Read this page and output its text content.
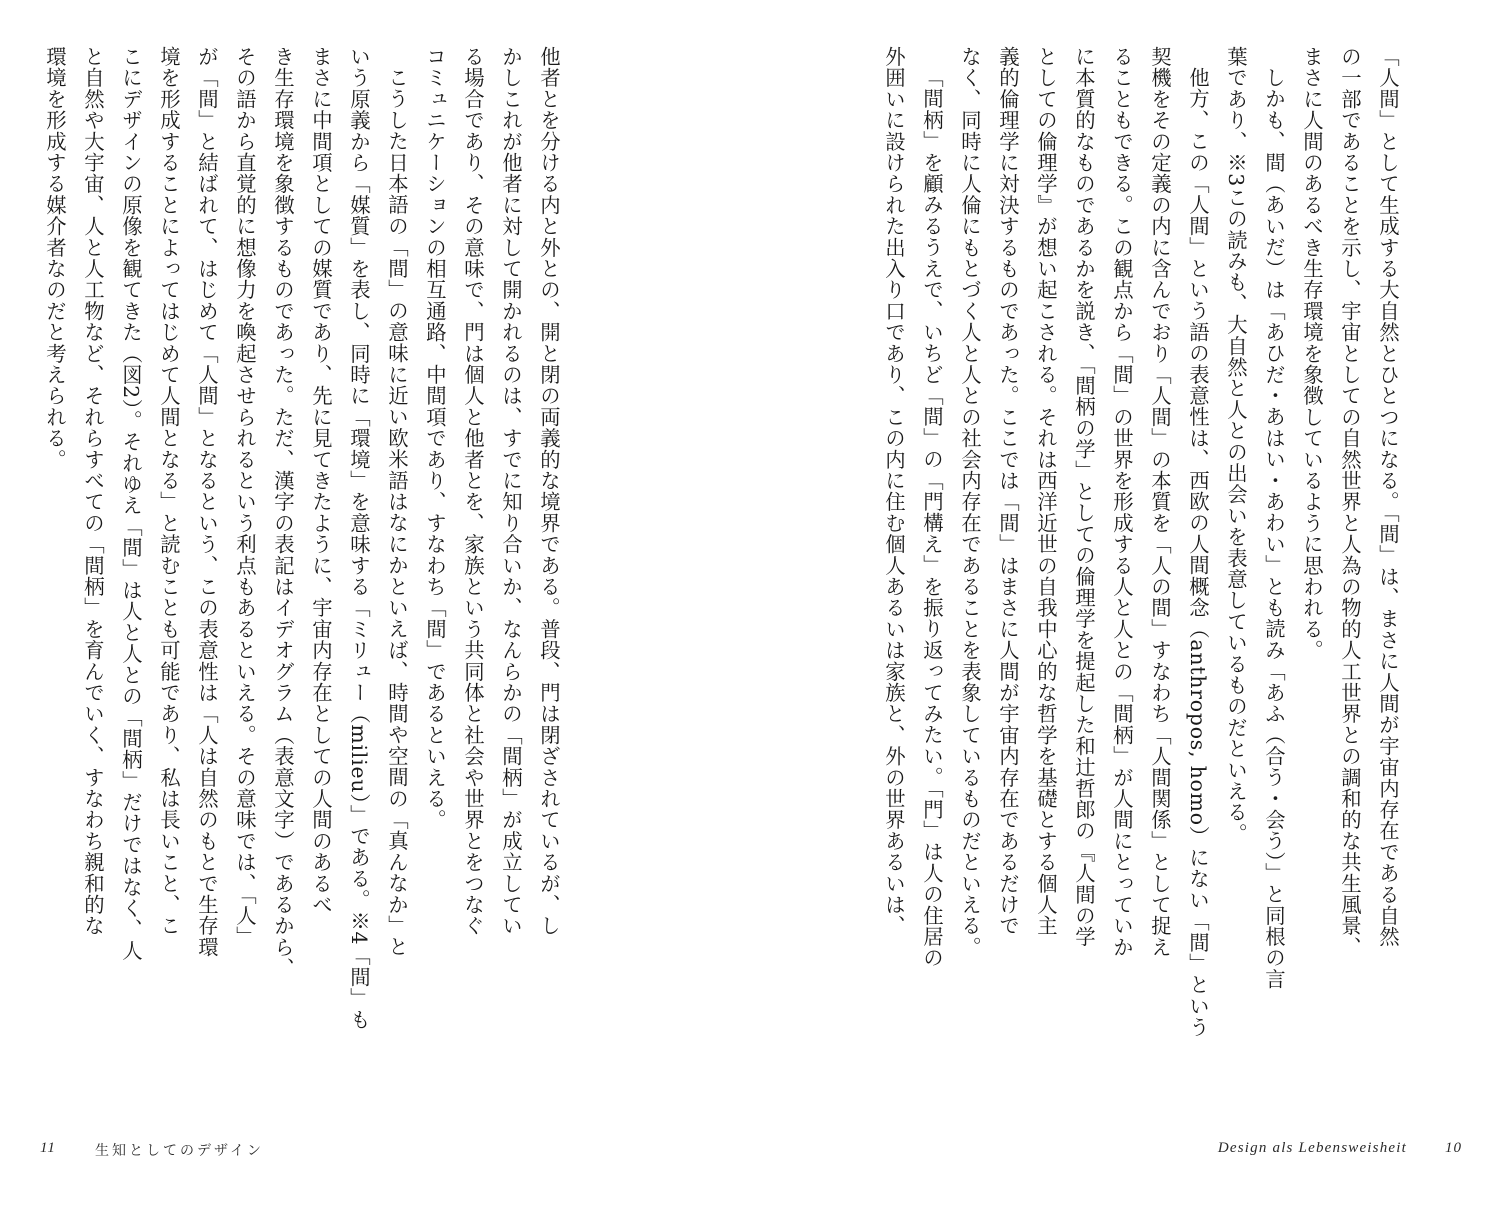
他者とを分ける内と外との、開と閉の両義的な境界である。普段、門は閉ざされているが、し
かしこれが他者に対して開かれるのは、すでに知り合いか、なんらかの「間柄」が成立してい
る場合であり、その意味で、門は個人と他者とを、家族という共同体と社会や世界とをつなぐ
コミュニケーションの相互通路、中間項であり、すなわち「間」であるといえる。
こうした日本語の「間」の意味に近い欧米語はなにかといえば、時間や空間の「真んなか」と
いう原義から「媒質」を表し、同時に「環境」を意味する「ミリュー（milieu）」である。※4「間」も
まさに中間項としての媒質であり、先に見てきたように、宇宙内存在としての人間のあるべ
き生存環境を象徴するものであった。ただ、漢字の表記はイデオグラム（表意文字）であるから、
その語から直覚的に想像力を喚起させられるという利点もあるといえる。その意味では、「人」
が「間」と結ばれて、はじめて「人間」となるという、この表意性は「人は自然のもとで生存環
境を形成することによってはじめて人間となる」と読むことも可能であり、私は長いこと、こ
こにデザインの原像を観てきた（図2）。それゆえ「間」は人と人との「間柄」だけではなく、人
と自然や大宇宙、人と人工物など、それらすべての「間柄」を育んでいく、すなわち親和的な
環境を形成する媒介者なのだと考えられる。
11	生知としてのデザイン
「人間」として生成する大自然とひとつになる。「間」は、まさに人間が宇宙内存在である自然
の一部であることを示し、宇宙としての自然世界と人為の物的人工世界との調和的な共生風景、
まさに人間のあるべき生存環境を象徴しているように思われる。
しかも、間（あいだ）は「あひだ・あはい・あわい」とも読み「あふ（合う・会う）」と同根の言
葉であり、※3この読みも、大自然と人との出会いを表意しているものだといえる。
他方、この「人間」という語の表意性は、西欧の人間概念（anthropos, homo）にない「間」という
契機をその定義の内に含んでおり「人間」の本質を「人の間」すなわち「人間関係」として捉え
ることもできる。この観点から「間」の世界を形成する人と人との「間柄」が人間にとっていか
に本質的なものであるかを説き、「間柄の学」としての倫理学を提起した和辻哲郎の『人間の学
としての倫理学』が想い起こされる。それは西洋近世の自我中心的な哲学を基礎とする個人主
義的倫理学に対決するものであった。ここでは「間」はまさに人間が宇宙内存在であるだけで
なく、同時に人倫にもとづく人と人との社会内存在であることを表象しているものだといえる。
「間柄」を顧みるうえで、いちど「間」の「門構え」を振り返ってみたい。「門」は人の住居の
外囲いに設けられた出入り口であり、この内に住む個人あるいは家族と、外の世界あるいは、
Design als Lebensweisheit	10
